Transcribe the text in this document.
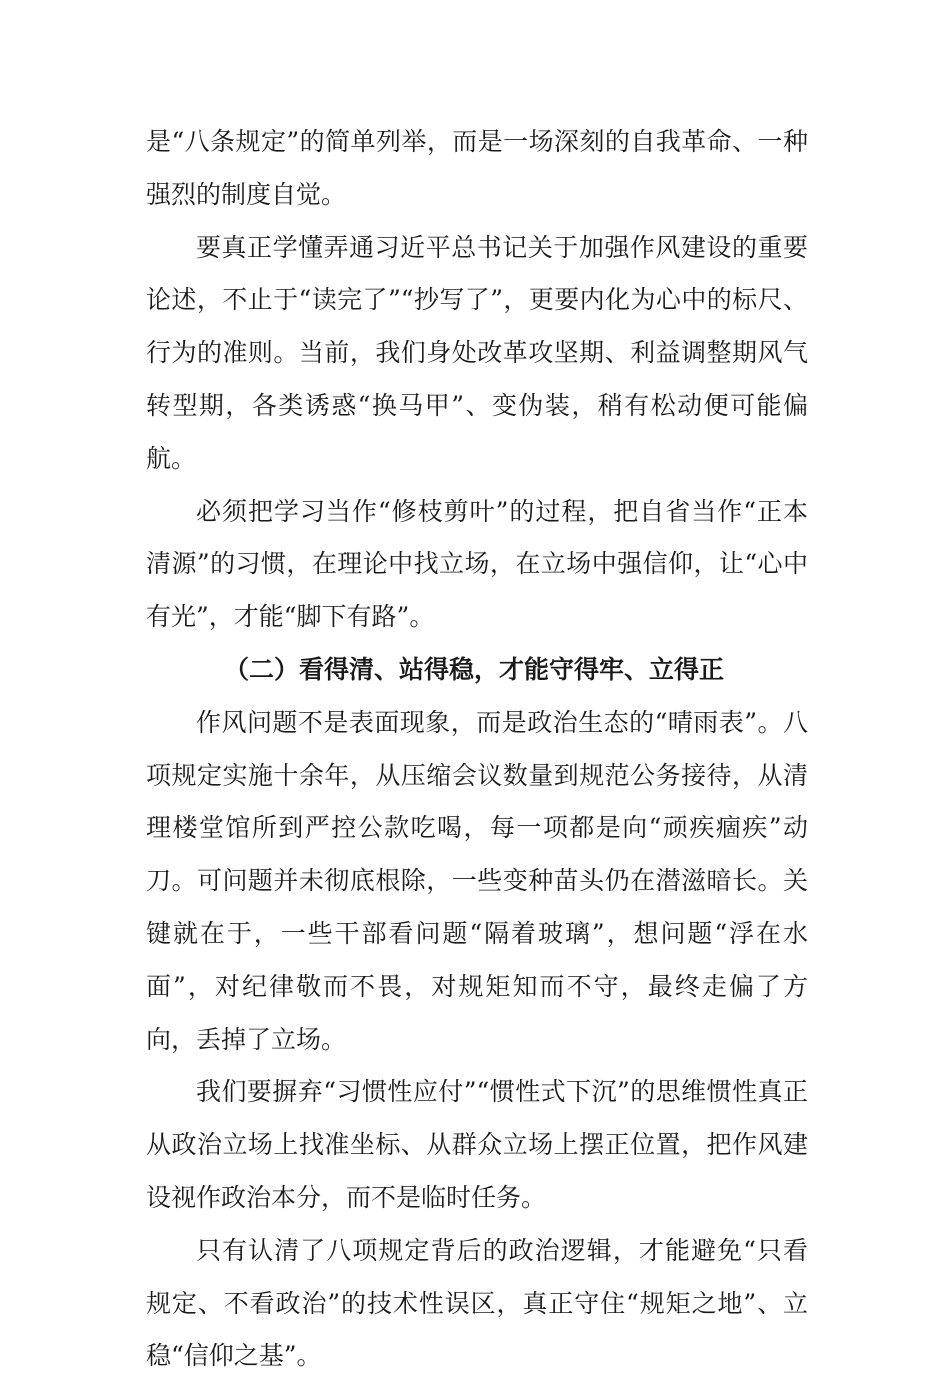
是“八条规定”的简单列举，而是一场深刻的自我革命、一种强烈的制度自觉。

要真正学懂弄通习近平总书记关于加强作风建设的重要论述，不止于“读完了”“抄写了”，更要内化为心中的标尺、行为的准则。当前，我们身处改革攻坚期、利益调整期风气转型期，各类诱惑“换马甲”、变伪装，稍有松动便可能偏航。

必须把学习当作“修枝剪叶”的过程，把自省当作“正本清源”的习惯，在理论中找立场，在立场中强信仰，让“心中有光”，才能“脚下有路”。

（二）看得清、站得稳，才能守得牢、立得正

作风问题不是表面现象，而是政治生态的“晴雨表”。八项规定实施十余年，从压缩会议数量到规范公务接待，从清理楼堂馆所到严控公款吃喝，每一项都是向“顽疾痼疾”动刀。可问题并未彻底根除，一些变种苗头仍在潜滋暗长。关键就在于，一些干部看问题“隔着玻璃”，想问题“浮在水面”，对纪律敬而不畏，对规矩知而不守，最终走偏了方向，丢掉了立场。

我们要摒弃“习惯性应付”“惯性式下沉”的思维惯性真正从政治立场上找准坐标、从群众立场上摆正位置，把作风建设视作政治本分，而不是临时任务。

只有认清了八项规定背后的政治逻辑，才能避免“只看规定、不看政治”的技术性误区，真正守住“规矩之地”、立稳“信仰之基”。
